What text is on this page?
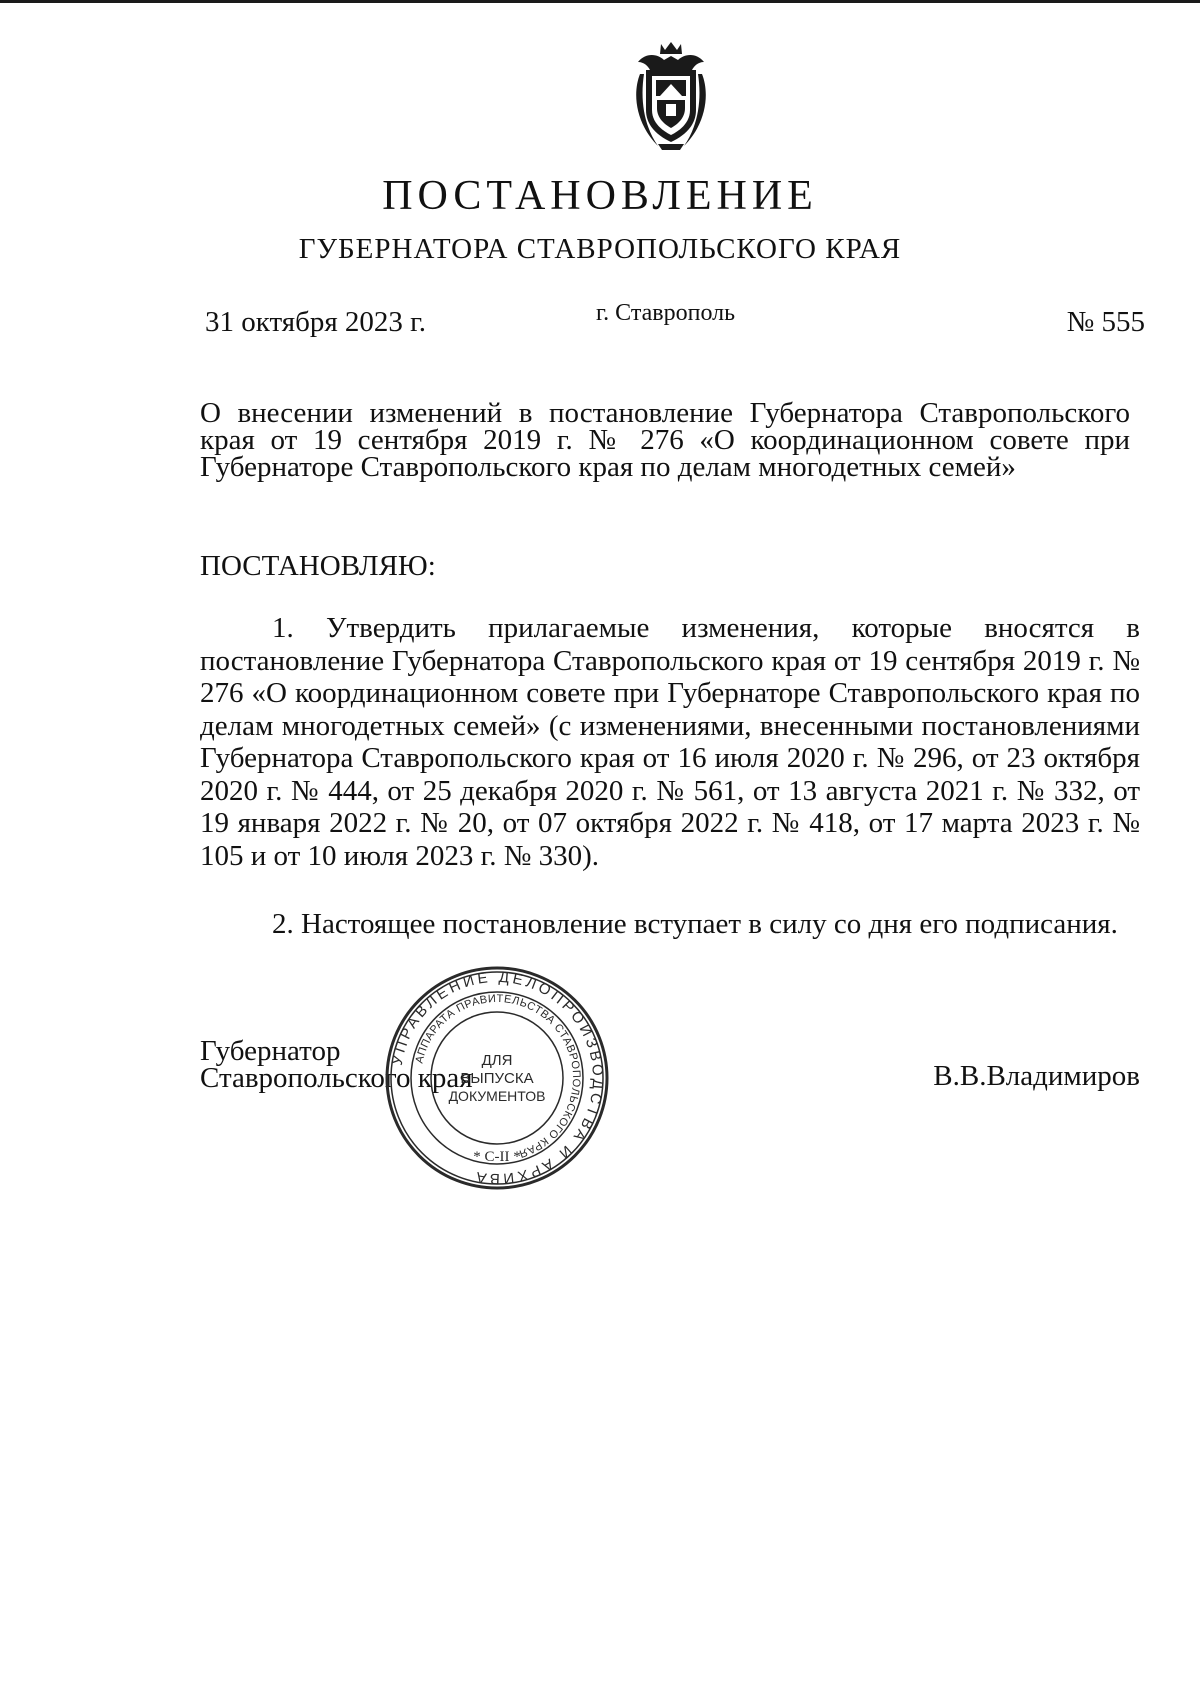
ПОСТАНОВЛЕНИЕ
ГУБЕРНАТОРА СТАВРОПОЛЬСКОГО КРАЯ
31 октября 2023 г.	г. Ставрополь	№ 555
О внесении изменений в постановление Губернатора Ставропольского края от 19 сентября 2019 г. № 276 «О координационном совете при Губернаторе Ставропольского края по делам многодетных семей»
ПОСТАНОВЛЯЮ:
1. Утвердить прилагаемые изменения, которые вносятся в постановление Губернатора Ставропольского края от 19 сентября 2019 г. № 276 «О координационном совете при Губернаторе Ставропольского края по делам многодетных семей» (с изменениями, внесенными постановлениями Губернатора Ставропольского края от 16 июля 2020 г. № 296, от 23 октября 2020 г. № 444, от 25 декабря 2020 г. № 561, от 13 августа 2021 г. № 332, от 19 января 2022 г. № 20, от 07 октября 2022 г. № 418, от 17 марта 2023 г. № 105 и от 10 июля 2023 г. № 330).
2. Настоящее постановление вступает в силу со дня его подписания.
Губернатор
Ставропольского края	В.В.Владимиров
УПРАВЛЕНИЕ ДЕЛОПРОИЗВОДСТВА И АРХИВА
АППАРАТА ПРАВИТЕЛЬСТВА СТАВРОПОЛЬСКОГО КРАЯ
ДЛЯ
ВЫПУСКА
ДОКУМЕНТОВ
* С-II *
